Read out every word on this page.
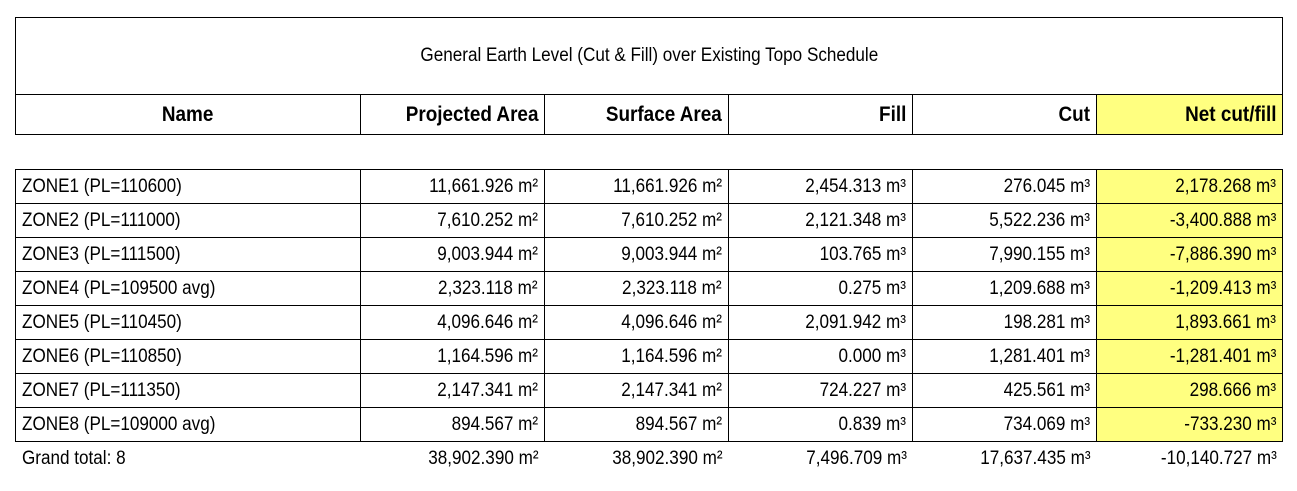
General Earth Level (Cut & Fill) over Existing Topo Schedule					
Name	Projected Area	Surface Area	Fill	Cut	Net cut/fill

ZONE1 (PL=110600)	11,661.926 m²	11,661.926 m²	2,454.313 m³	276.045 m³	2,178.268 m³
ZONE2 (PL=111000)	7,610.252 m²	7,610.252 m²	2,121.348 m³	5,522.236 m³	-3,400.888 m³
ZONE3 (PL=111500)	9,003.944 m²	9,003.944 m²	103.765 m³	7,990.155 m³	-7,886.390 m³
ZONE4 (PL=109500 avg)	2,323.118 m²	2,323.118 m²	0.275 m³	1,209.688 m³	-1,209.413 m³
ZONE5 (PL=110450)	4,096.646 m²	4,096.646 m²	2,091.942 m³	198.281 m³	1,893.661 m³
ZONE6 (PL=110850)	1,164.596 m²	1,164.596 m²	0.000 m³	1,281.401 m³	-1,281.401 m³
ZONE7 (PL=111350)	2,147.341 m²	2,147.341 m²	724.227 m³	425.561 m³	298.666 m³
ZONE8 (PL=109000 avg)	894.567 m²	894.567 m²	0.839 m³	734.069 m³	-733.230 m³
Grand total: 8	38,902.390 m²	38,902.390 m²	7,496.709 m³	17,637.435 m³	-10,140.727 m³
